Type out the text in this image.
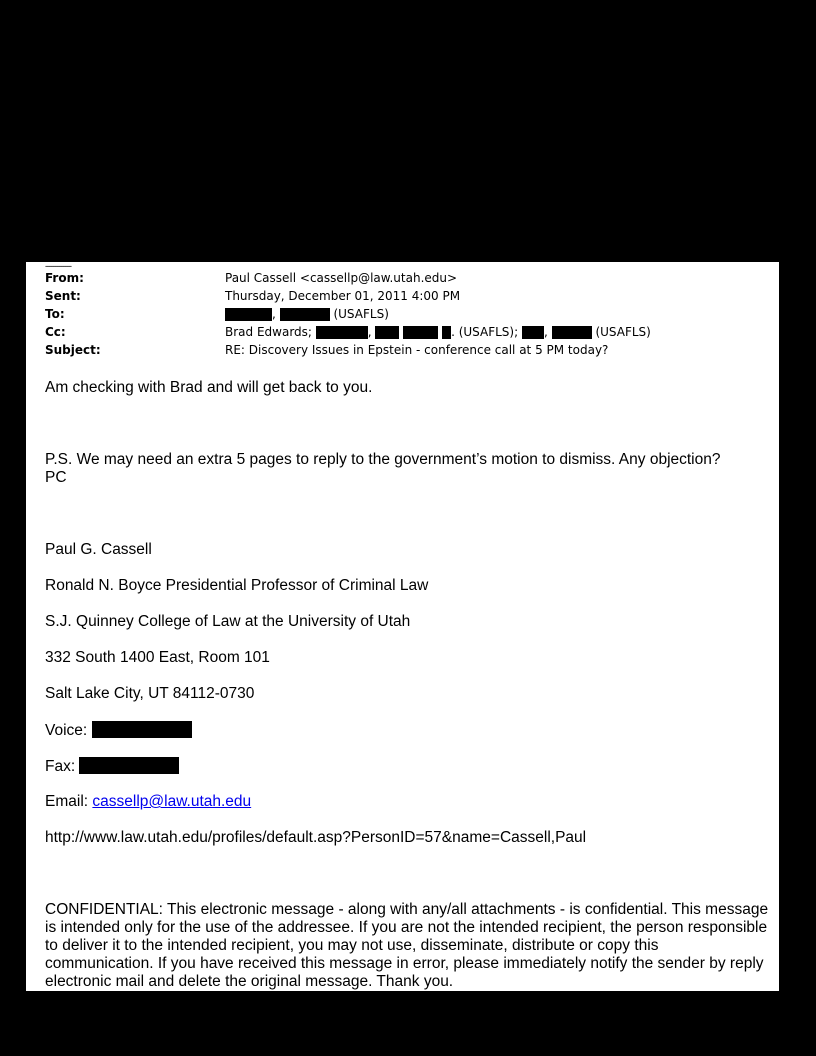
-------------
From:	Paul Cassell <cassellp@law.utah.edu>
Sent:	Thursday, December 01, 2011 4:00 PM
To:	,	(USAFLS)
Cc:	Brad Edwards;	,	. (USAFLS); ,	(USAFLS)
Subject:	RE: Discovery Issues in Epstein - conference call at 5 PM today?
Am checking with Brad and will get back to you.
P.S. We may need an extra 5 pages to reply to the government’s motion to dismiss. Any objection?
PC
Paul G. Cassell
Ronald N. Boyce Presidential Professor of Criminal Law
S.J. Quinney College of Law at the University of Utah
332 South 1400 East, Room 101
Salt Lake City, UT 84112-0730
Voice:
Fax:
Email: cassellp@law.utah.edu
http://www.law.utah.edu/profiles/default.asp?PersonID=57&name=Cassell,Paul
CONFIDENTIAL: This electronic message - along with any/all attachments - is confidential. This message is intended only for the use of the addressee. If you are not the intended recipient, the person responsible to deliver it to the intended recipient, you may not use, disseminate, distribute or copy this communication. If you have received this message in error, please immediately notify the sender by reply electronic mail and delete the original message. Thank you.
